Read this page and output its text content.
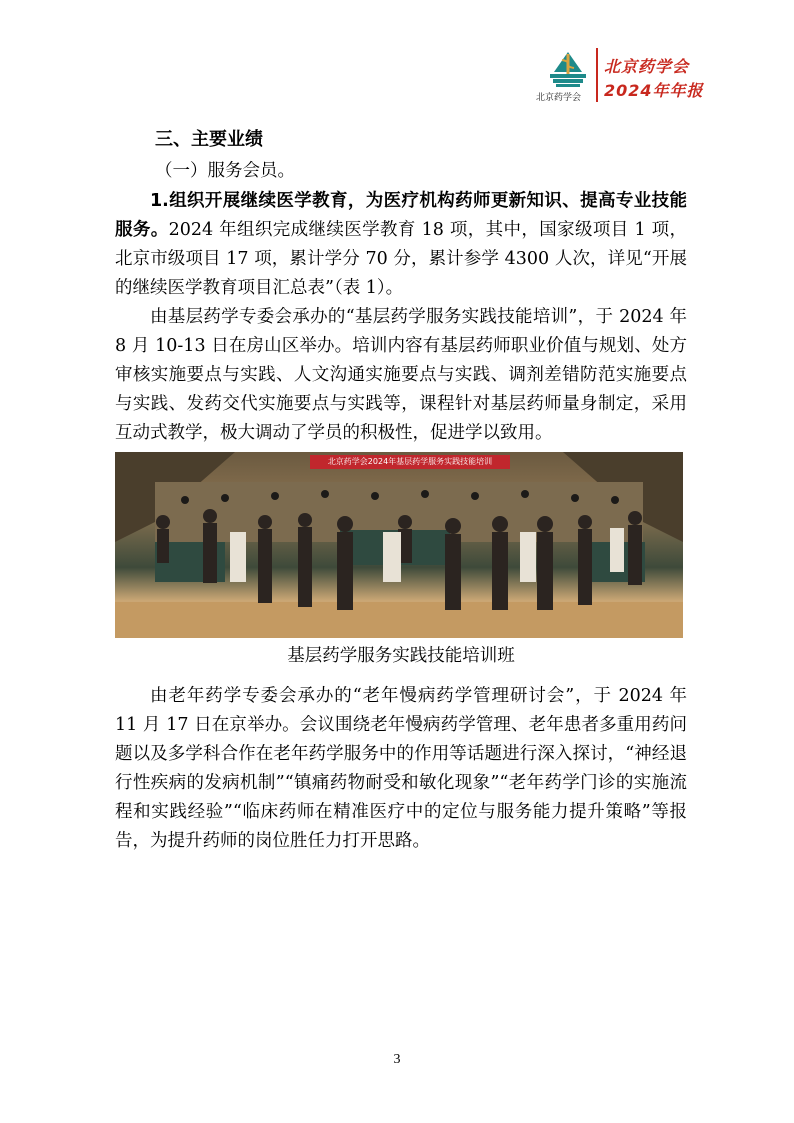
北京药学会
北京药学会
2024年年报
三、主要业绩

（一）服务会员。

1.组织开展继续医学教育，为医疗机构药师更新知识、提高专业技能服务。2024 年组织完成继续医学教育 18 项，其中，国家级项目 1 项，北京市级项目 17 项，累计学分 70 分，累计参学 4300 人次，详见“开展的继续医学教育项目汇总表”（表 1）。

由基层药学专委会承办的“基层药学服务实践技能培训”，于 2024 年 8 月 10-13 日在房山区举办。培训内容有基层药师职业价值与规划、处方审核实施要点与实践、人文沟通实施要点与实践、调剂差错防范实施要点与实践、发药交代实施要点与实践等，课程针对基层药师量身制定，采用互动式教学，极大调动了学员的积极性，促进学以致用。

北京药学会2024年基层药学服务实践技能培训
基层药学服务实践技能培训班

由老年药学专委会承办的“老年慢病药学管理研讨会”，于 2024 年 11 月 17 日在京举办。会议围绕老年慢病药学管理、老年患者多重用药问题以及多学科合作在老年药学服务中的作用等话题进行深入探讨，“神经退行性疾病的发病机制”“镇痛药物耐受和敏化现象”“老年药学门诊的实施流程和实践经验”“临床药师在精准医疗中的定位与服务能力提升策略”等报告，为提升药师的岗位胜任力打开思路。

3
